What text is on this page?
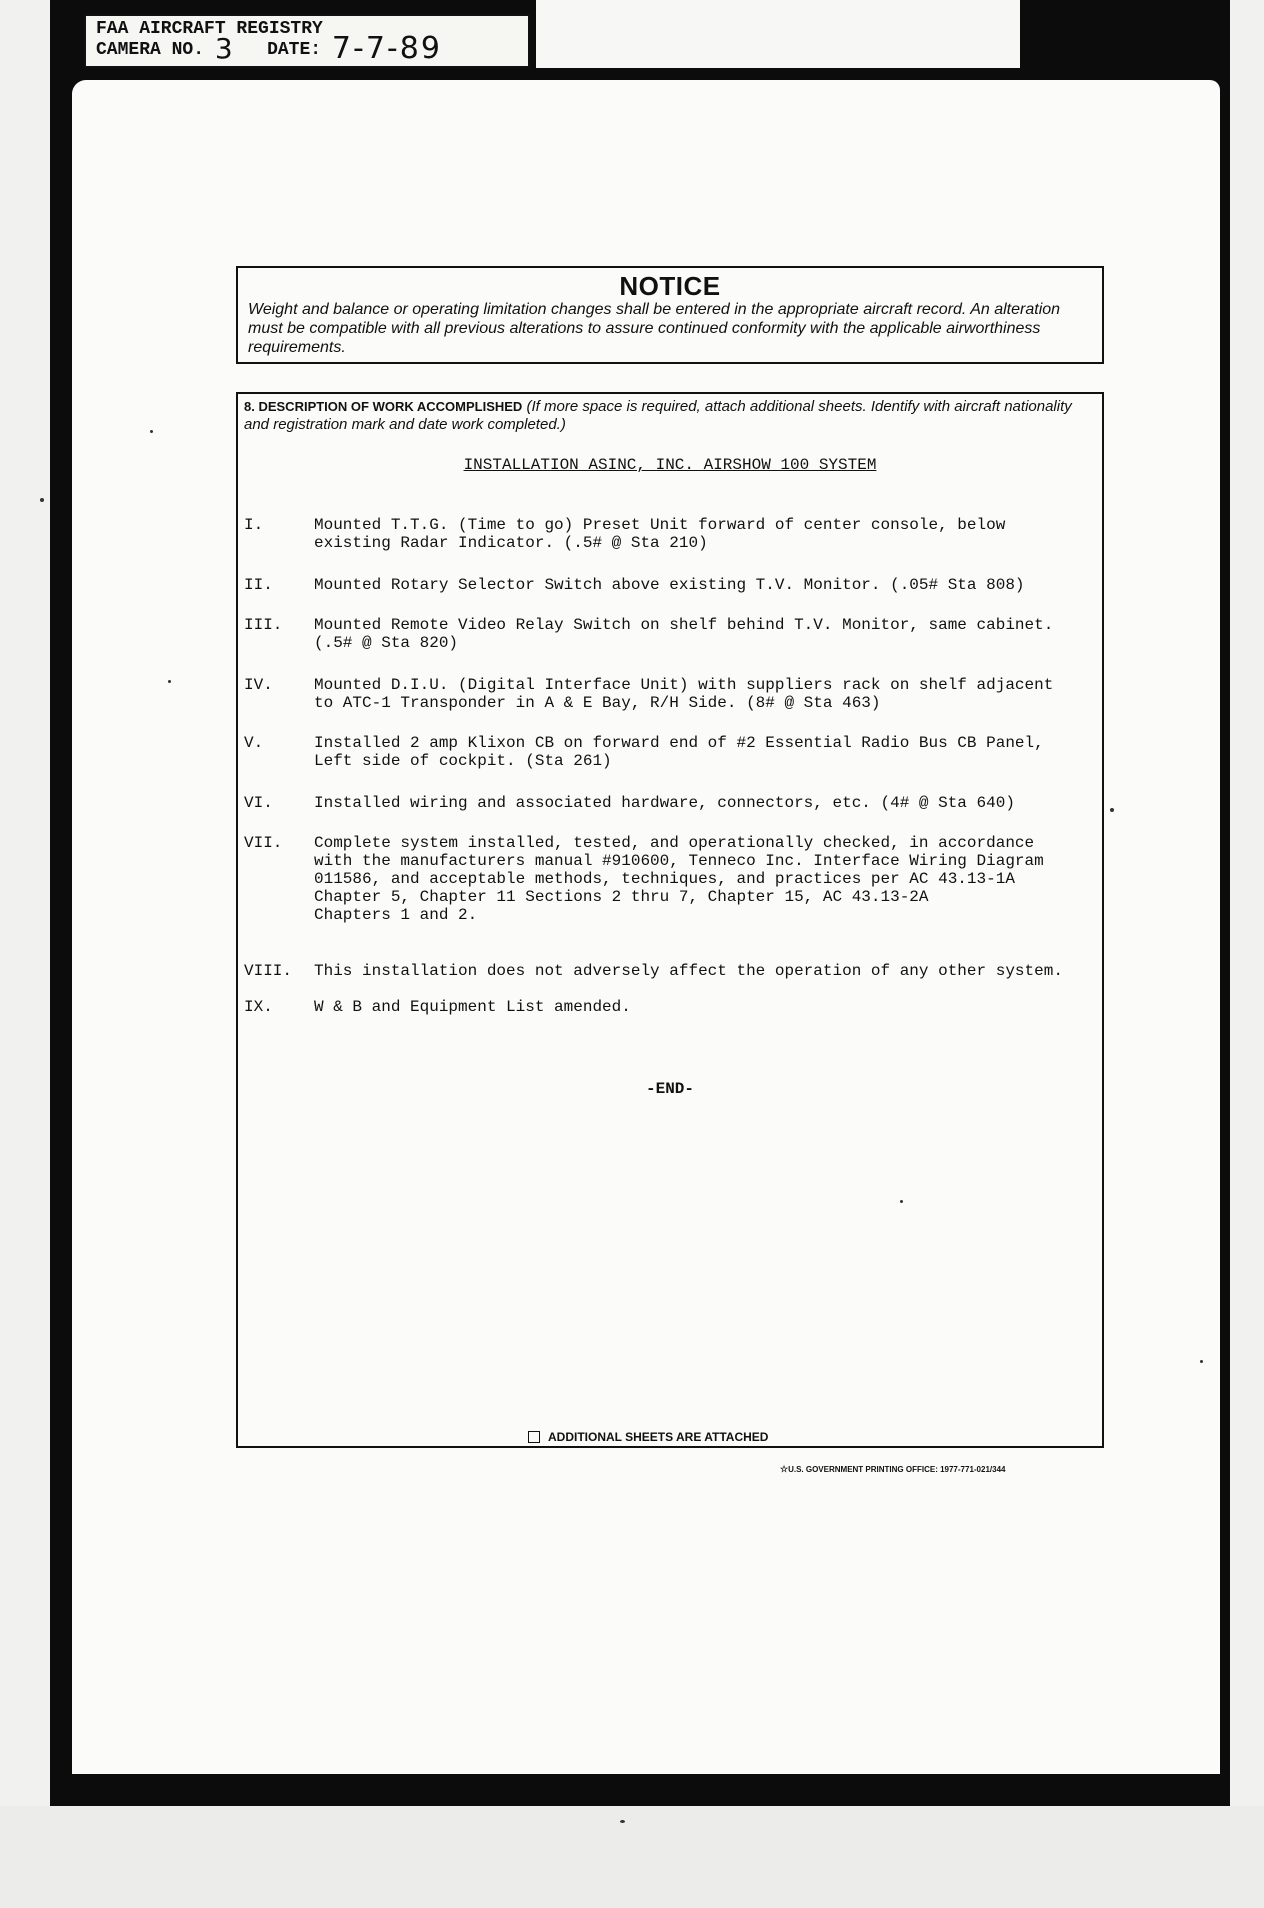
FAA AIRCRAFT REGISTRY
CAMERA NO. 3 DATE: 7-7-89
NOTICE
Weight and balance or operating limitation changes shall be entered in the appropriate aircraft record. An alteration must be compatible with all previous alterations to assure continued conformity with the applicable airworthiness requirements.
8. DESCRIPTION OF WORK ACCOMPLISHED (If more space is required, attach additional sheets. Identify with aircraft nationality and registration mark and date work completed.)
INSTALLATION ASINC, INC. AIRSHOW 100 SYSTEM
I.	Mounted T.T.G. (Time to go) Preset Unit forward of center console, below
existing Radar Indicator. (.5# @ Sta 210)
II.	Mounted Rotary Selector Switch above existing T.V. Monitor. (.05# Sta 808)
III.	Mounted Remote Video Relay Switch on shelf behind T.V. Monitor, same cabinet.
(.5# @ Sta 820)
IV.	Mounted D.I.U. (Digital Interface Unit) with suppliers rack on shelf adjacent
to ATC-1 Transponder in A & E Bay, R/H Side. (8# @ Sta 463)
V.	Installed 2 amp Klixon CB on forward end of #2 Essential Radio Bus CB Panel,
Left side of cockpit. (Sta 261)
VI.	Installed wiring and associated hardware, connectors, etc. (4# @ Sta 640)
VII.	Complete system installed, tested, and operationally checked, in accordance
with the manufacturers manual #910600, Tenneco Inc. Interface Wiring Diagram
011586, and acceptable methods, techniques, and practices per AC 43.13-1A
Chapter 5, Chapter 11 Sections 2 thru 7, Chapter 15, AC 43.13-2A
Chapters 1 and 2.
VIII.	This installation does not adversely affect the operation of any other system.
IX.	W & B and Equipment List amended.
-END-
ADDITIONAL SHEETS ARE ATTACHED
☆U.S. GOVERNMENT PRINTING OFFICE: 1977-771-021/344
